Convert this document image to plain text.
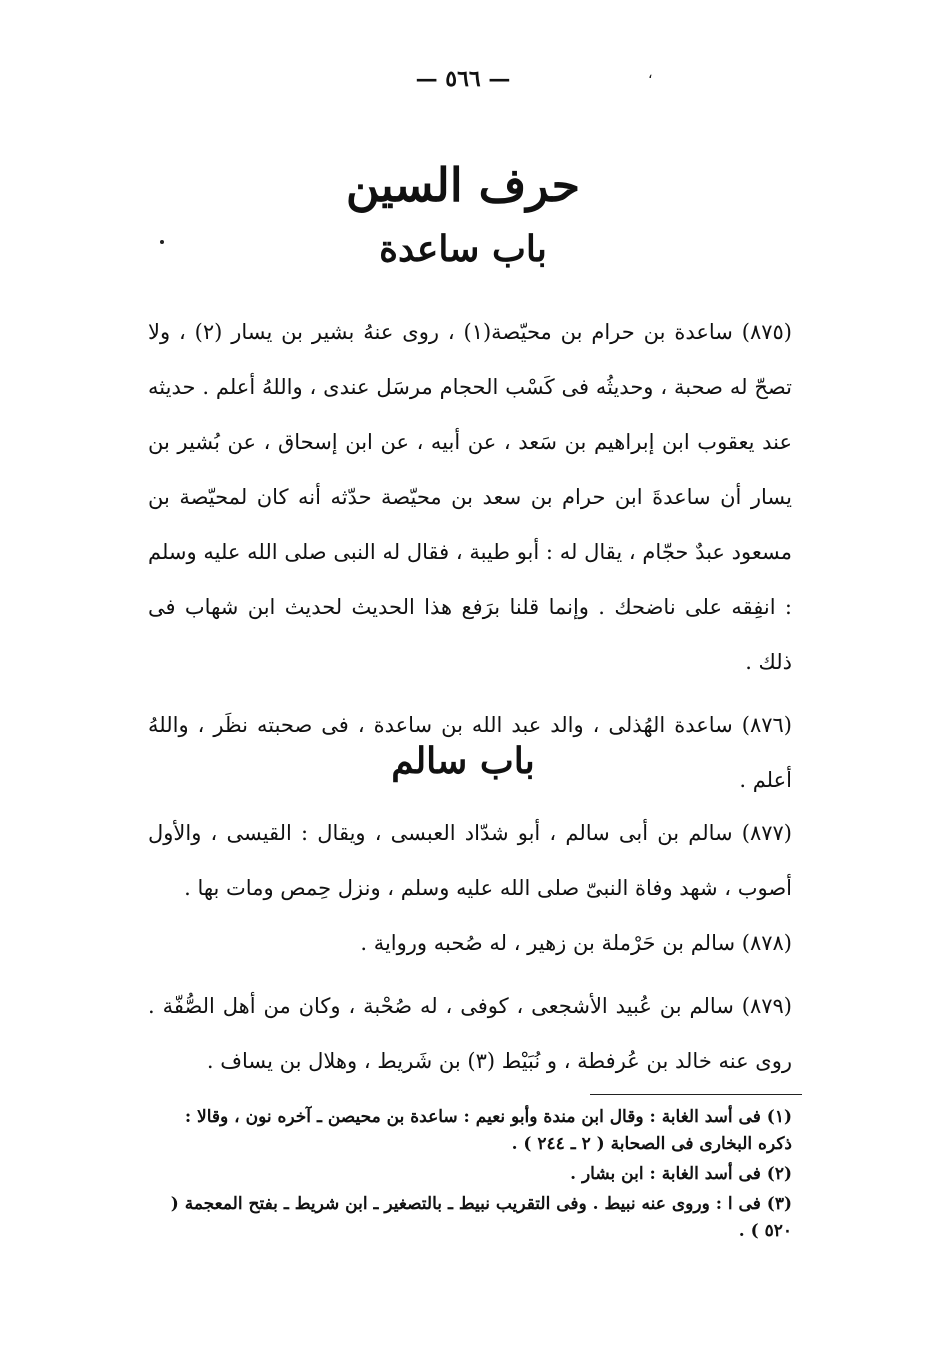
— ٥٦٦ —	،
حرف السين
باب ساعدة

(٨٧٥) ساعدة بن حرام بن محيّصة(١) ، روى عنهُ بشير بن يسار (٢) ، ولا تصحّ له صحبة ، وحديثُه فى كَسْب الحجام مرسَل عندى ، واللهُ أعلم . حديثه عند يعقوب ابن إبراهيم بن سَعد ، عن أبيه ، عن ابن إسحاق ، عن بُشير بن يسار أن ساعدةَ ابن حرام بن سعد بن محيّصة حدّثه أنه كان لمحيّصة بن مسعود عبدٌ حجّام ، يقال له : أبو طيبة ، فقال له النبى صلى الله عليه وسلم : انفِقه على ناضحك . وإنما قلنا برَفع هذا الحديث لحديث ابن شهاب فى ذلك .

(٨٧٦) ساعدة الهُذلى ، والد عبد الله بن ساعدة ، فى صحبته نظَر ، واللهُ أعلم .

باب سالم

(٨٧٧) سالم بن أبى سالم ، أبو شدّاد العبسى ، ويقال : القيسى ، والأول أصوب ، شهد وفاة النبىّ صلى الله عليه وسلم ، ونزل حِمص ومات بها .

(٨٧٨) سالم بن حَرْملة بن زهير ، له صُحبه ورواية .

(٨٧٩) سالم بن عُبيد الأشجعى ، كوفى ، له صُحْبة ، وكان من أهل الصُّفّة . روى عنه خالد بن عُرفطة ، و نُبَيْط (٣) بن شَريط ، وهلال بن يساف .

(١) فى أسد الغابة : وقال ابن مندة وأبو نعيم : ساعدة بن محيصن ـ آخره نون ، وقالا : ذكره البخارى فى الصحابة ( ٢ ـ ٢٤٤ ) .

(٢) فى أسد الغابة : ابن بشار .

(٣) فى ا : وروى عنه نبيط . وفى التقريب نبيط ـ بالتصغير ـ ابن شريط ـ بفتح المعجمة ( ٥٢٠ ) .
